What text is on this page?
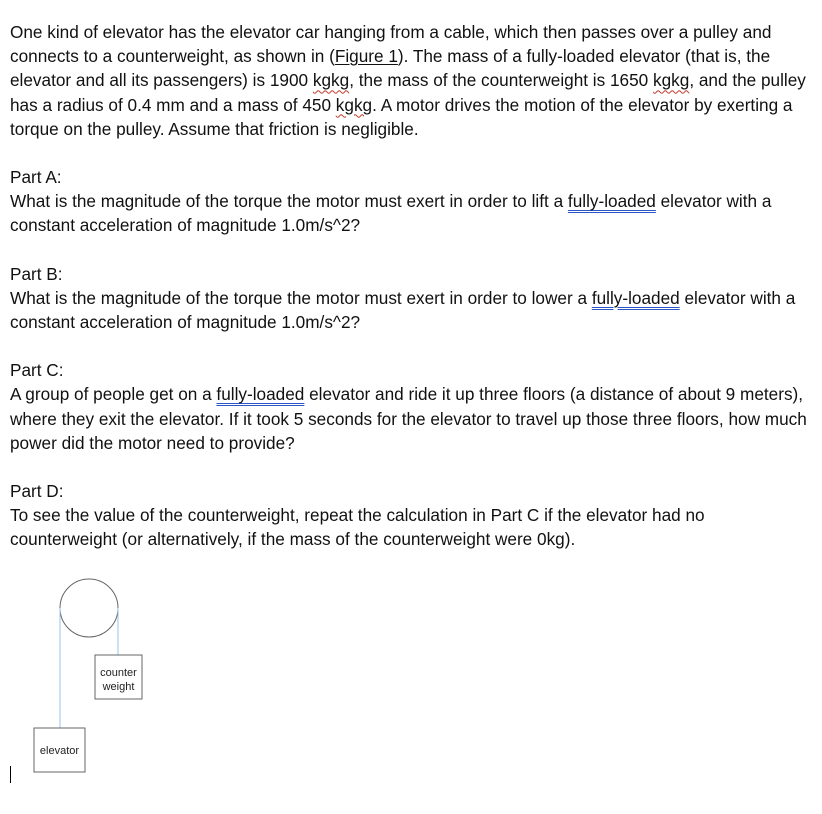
One kind of elevator has the elevator car hanging from a cable, which then passes over a pulley and connects to a counterweight, as shown in (Figure 1). The mass of a fully-loaded elevator (that is, the elevator and all its passengers) is 1900 kgkg, the mass of the counterweight is 1650 kgkg, and the pulley has a radius of 0.4 mm and a mass of 450 kgkg. A motor drives the motion of the elevator by exerting a torque on the pulley. Assume that friction is negligible.

Part A:

What is the magnitude of the torque the motor must exert in order to lift a fully-loaded elevator with a constant acceleration of magnitude 1.0m/s^2?

Part B:

What is the magnitude of the torque the motor must exert in order to lower a fully-loaded elevator with a constant acceleration of magnitude 1.0m/s^2?

Part C:

A group of people get on a fully-loaded elevator and ride it up three floors (a distance of about 9 meters), where they exit the elevator. If it took 5 seconds for the elevator to travel up those three floors, how much power did the motor need to provide?

Part D:

To see the value of the counterweight, repeat the calculation in Part C if the elevator had no counterweight (or alternatively, if the mass of the counterweight were 0kg).

counter
weight
elevator
